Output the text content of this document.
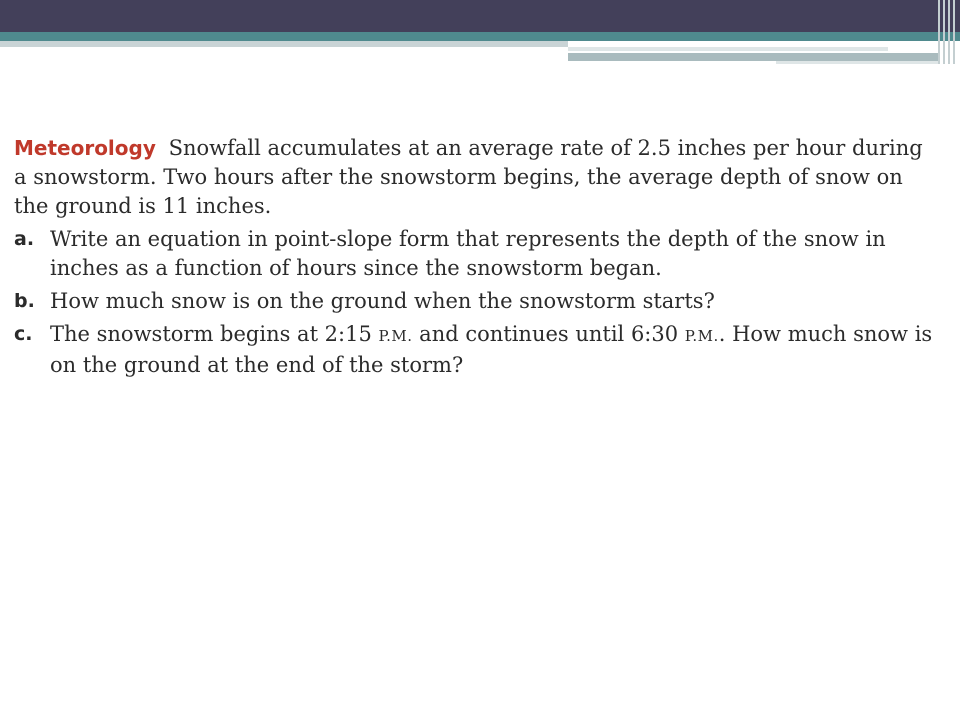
Meteorology Snowfall accumulates at an average rate of 2.5 inches per hour during a snowstorm. Two hours after the snowstorm begins, the average depth of snow on the ground is 11 inches.

a. Write an equation in point-slope form that represents the depth of the snow in inches as a function of hours since the snowstorm began.
b. How much snow is on the ground when the snowstorm starts?
c. The snowstorm begins at 2:15 P.M. and continues until 6:30 P.M.. How much snow is on the ground at the end of the storm?
